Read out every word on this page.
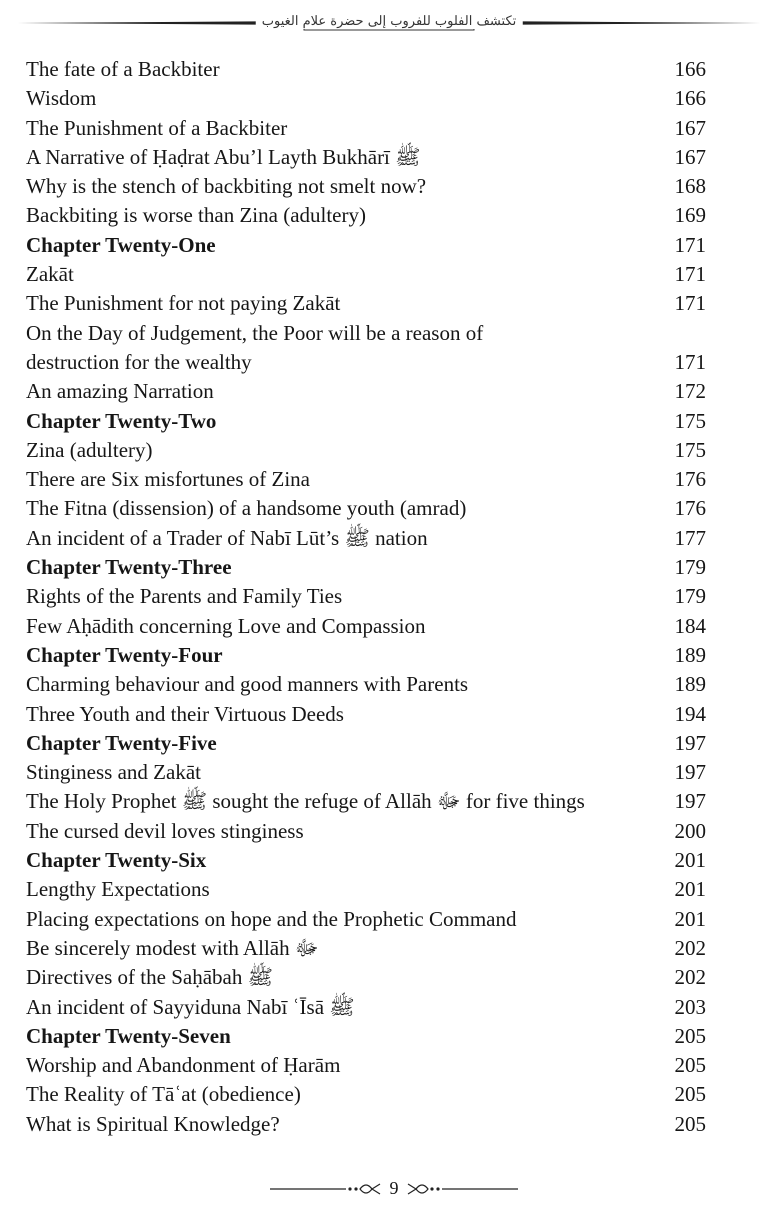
تكتشف الفلوب للفروب إلى حضرة علام الغيوب
The fate of a Backbiter	166
Wisdom	166
The Punishment of a Backbiter	167
A Narrative of Ḥaḍrat Abu’l Layth Bukhārī ﷺ	167
Why is the stench of backbiting not smelt now?	168
Backbiting is worse than Zina (adultery)	169
Chapter Twenty-One	171
Zakāt	171
The Punishment for not paying Zakāt	171
On the Day of Judgement, the Poor will be a reason of destruction for the wealthy	171
An amazing Narration	172
Chapter Twenty-Two	175
Zina (adultery)	175
There are Six misfortunes of Zina	176
The Fitna (dissension) of a handsome youth (amrad)	176
An incident of a Trader of Nabī Lūt’s ﷺ nation	177
Chapter Twenty-Three	179
Rights of the Parents and Family Ties	179
Few Aḥādith concerning Love and Compassion	184
Chapter Twenty-Four	189
Charming behaviour and good manners with Parents	189
Three Youth and their Virtuous Deeds	194
Chapter Twenty-Five	197
Stinginess and Zakāt	197
The Holy Prophet ﷺ sought the refuge of Allāh ﷻ for five things	197
The cursed devil loves stinginess	200
Chapter Twenty-Six	201
Lengthy Expectations	201
Placing expectations on hope and the Prophetic Command	201
Be sincerely modest with Allāh ﷻ	202
Directives of the Saḥābah ﷺ	202
An incident of Sayyiduna Nabī ʿĪsā ﷺ	203
Chapter Twenty-Seven	205
Worship and Abandonment of Ḥarām	205
The Reality of Tāʿat (obedience)	205
What is Spiritual Knowledge?	205
9
